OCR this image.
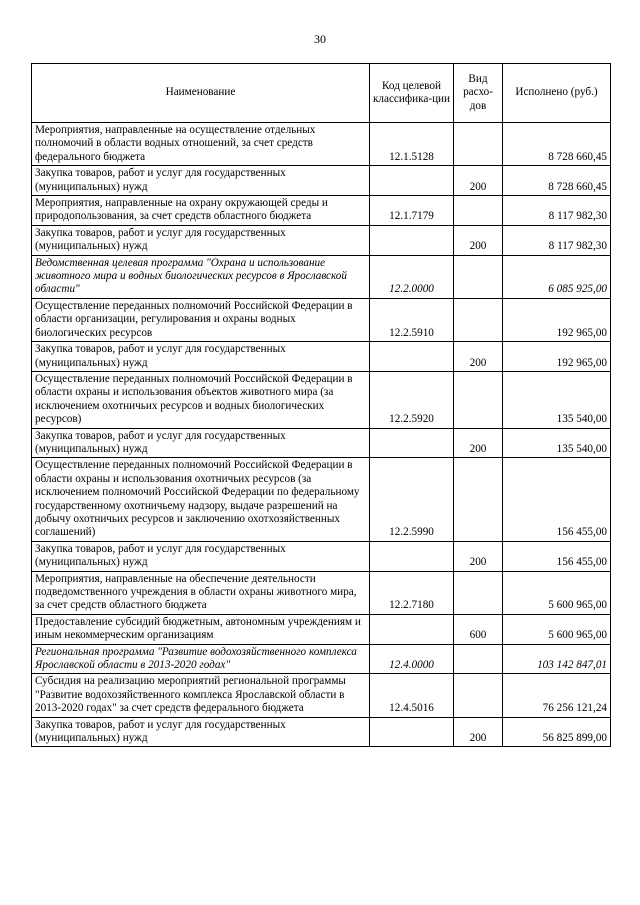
30
Наименование	Код целевой классифика-ции	Вид расхо-дов	Исполнено (руб.)
Мероприятия, направленные на осуществление отдельных полномочий в области водных отношений, за счет средств федерального бюджета	12.1.5128		8 728 660,45
Закупка товаров, работ и услуг для государственных (муниципальных) нужд		200	8 728 660,45
Мероприятия, направленные на охрану окружающей среды и природопользования, за счет средств областного бюджета	12.1.7179		8 117 982,30
Закупка товаров, работ и услуг для государственных (муниципальных) нужд		200	8 117 982,30
Ведомственная целевая программа "Охрана и использование животного мира и водных биологических ресурсов в Ярославской области"	12.2.0000		6 085 925,00
Осуществление переданных полномочий Российской Федерации в области организации, регулирования и охраны водных биологических ресурсов	12.2.5910		192 965,00
Закупка товаров, работ и услуг для государственных (муниципальных) нужд		200	192 965,00
Осуществление переданных полномочий Российской Федерации в области охраны и использования объектов животного мира (за исключением охотничьих ресурсов и водных биологических ресурсов)	12.2.5920		135 540,00
Закупка товаров, работ и услуг для государственных (муниципальных) нужд		200	135 540,00
Осуществление переданных полномочий Российской Федерации в области охраны и использования охотничьих ресурсов (за исключением полномочий Российской Федерации по федеральному государственному охотничьему надзору, выдаче разрешений на добычу охотничьих ресурсов и заключению охотхозяйственных соглашений)	12.2.5990		156 455,00
Закупка товаров, работ и услуг для государственных (муниципальных) нужд		200	156 455,00
Мероприятия, направленные на обеспечение деятельности подведомственного учреждения в области охраны животного мира, за счет средств областного бюджета	12.2.7180		5 600 965,00
Предоставление субсидий бюджетным, автономным учреждениям и иным некоммерческим организациям		600	5 600 965,00
Региональная программа "Развитие водохозяйственного комплекса Ярославской области в 2013-2020 годах"	12.4.0000		103 142 847,01
Субсидия на реализацию мероприятий региональной программы "Развитие водохозяйственного комплекса Ярославской области в 2013-2020 годах" за счет средств федерального бюджета	12.4.5016		76 256 121,24
Закупка товаров, работ и услуг для государственных (муниципальных) нужд		200	56 825 899,00
